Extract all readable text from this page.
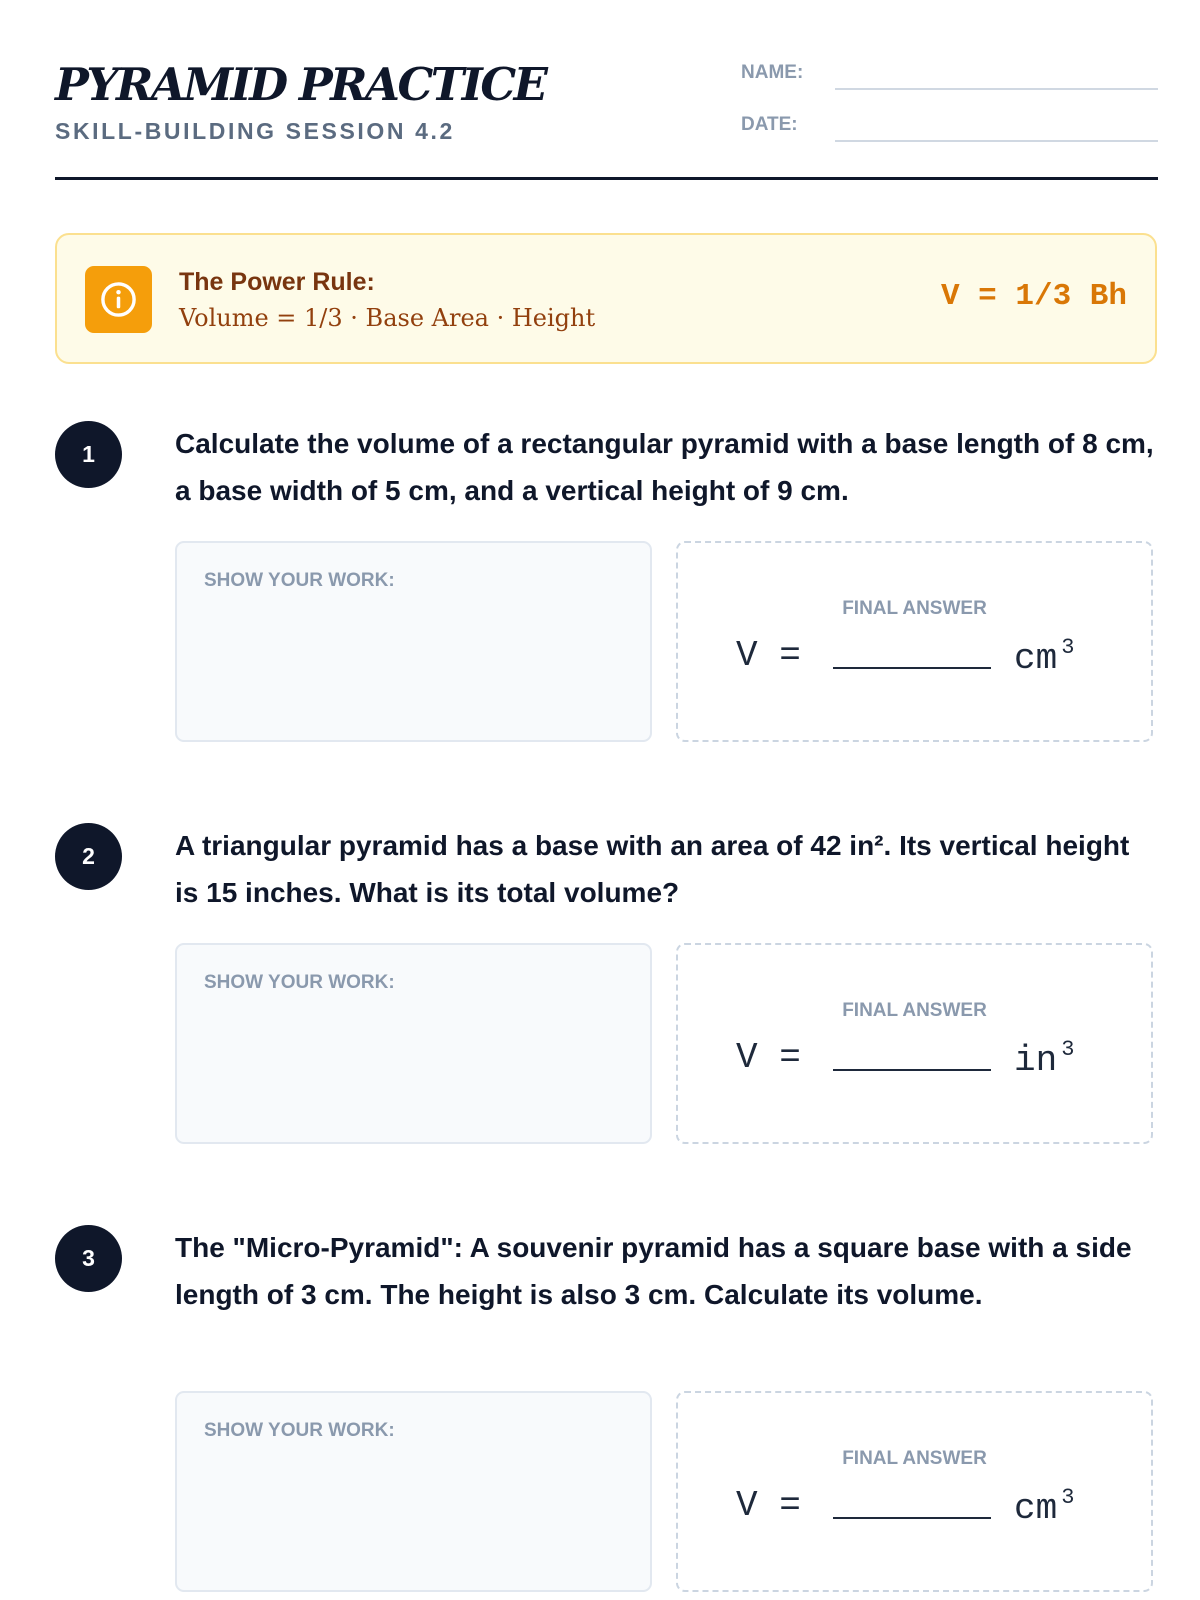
PYRAMID PRACTICE
SKILL-BUILDING SESSION 4.2
NAME:
DATE:
The Power Rule:
Volume = 1/3 · Base Area · Height
V = 1/3 Bh
1	Calculate the volume of a rectangular pyramid with a base length of 8 cm, a base width of 5 cm, and a vertical height of 9 cm.
SHOW YOUR WORK:
FINAL ANSWER
V =	cm $^3$
2	A triangular pyramid has a base with an area of 42 in². Its vertical height is 15 inches. What is its total volume?
SHOW YOUR WORK:
FINAL ANSWER
V =	in $^3$
3	The "Micro-Pyramid": A souvenir pyramid has a square base with a side length of 3 cm. The height is also 3 cm. Calculate its volume.
SHOW YOUR WORK:
FINAL ANSWER
V =	cm $^3$
